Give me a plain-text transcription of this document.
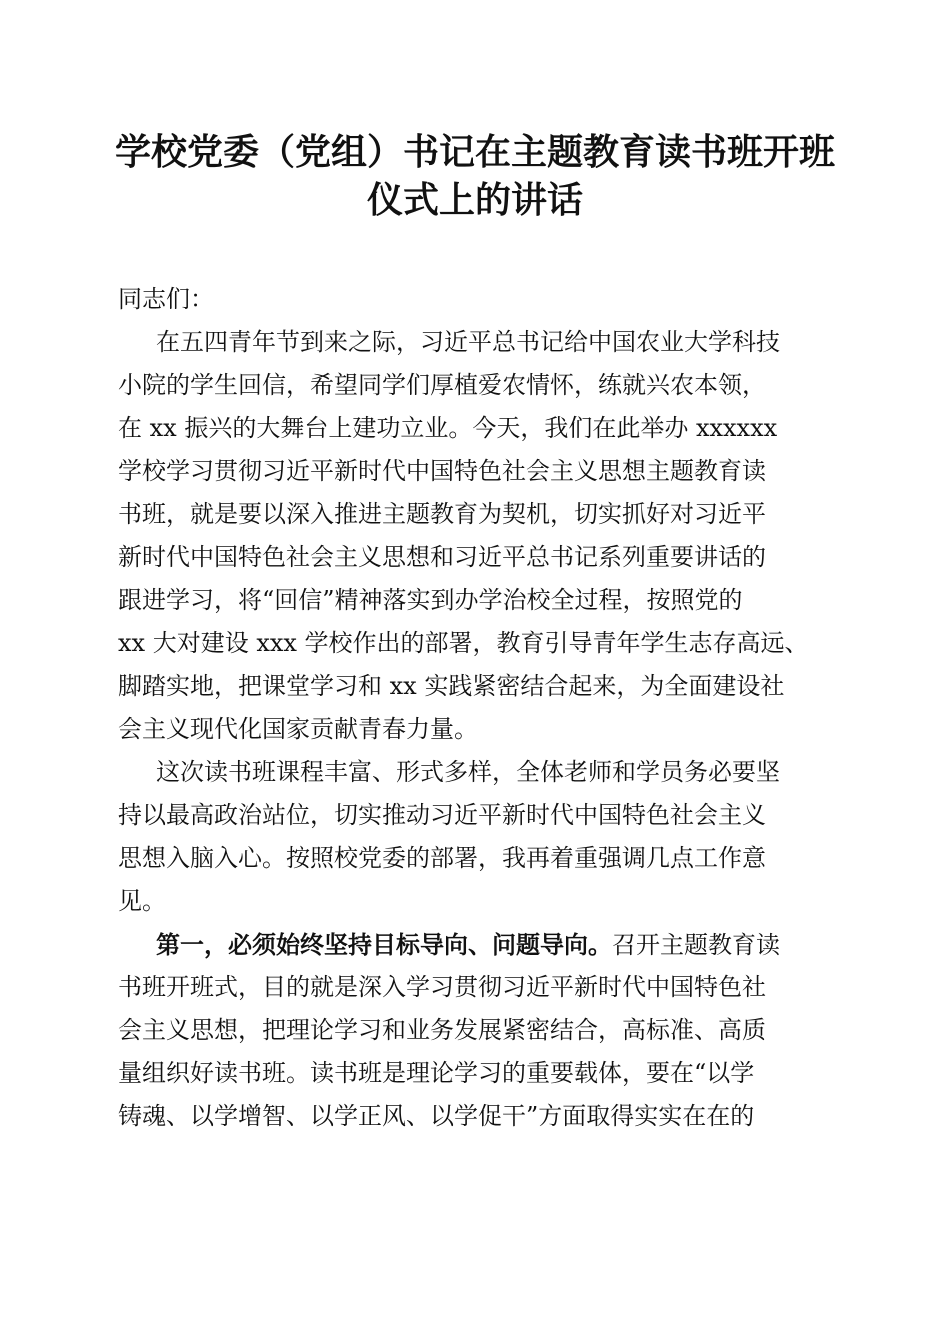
学校党委（党组）书记在主题教育读书班开班
仪式上的讲话
同志们：
在五四青年节到来之际，习近平总书记给中国农业大学科技
小院的学生回信，希望同学们厚植爱农情怀，练就兴农本领，
在 xx 振兴的大舞台上建功立业。今天，我们在此举办 xxxxxx
学校学习贯彻习近平新时代中国特色社会主义思想主题教育读
书班，就是要以深入推进主题教育为契机，切实抓好对习近平
新时代中国特色社会主义思想和习近平总书记系列重要讲话的
跟进学习，将“回信”精神落实到办学治校全过程，按照党的
xx 大对建设 xxx 学校作出的部署，教育引导青年学生志存高远、
脚踏实地，把课堂学习和 xx 实践紧密结合起来，为全面建设社
会主义现代化国家贡献青春力量。
这次读书班课程丰富、形式多样，全体老师和学员务必要坚
持以最高政治站位，切实推动习近平新时代中国特色社会主义
思想入脑入心。按照校党委的部署，我再着重强调几点工作意
见。
第一，必须始终坚持目标导向、问题导向。召开主题教育读
书班开班式，目的就是深入学习贯彻习近平新时代中国特色社
会主义思想，把理论学习和业务发展紧密结合，高标准、高质
量组织好读书班。读书班是理论学习的重要载体，要在“以学
铸魂、以学增智、以学正风、以学促干”方面取得实实在在的
